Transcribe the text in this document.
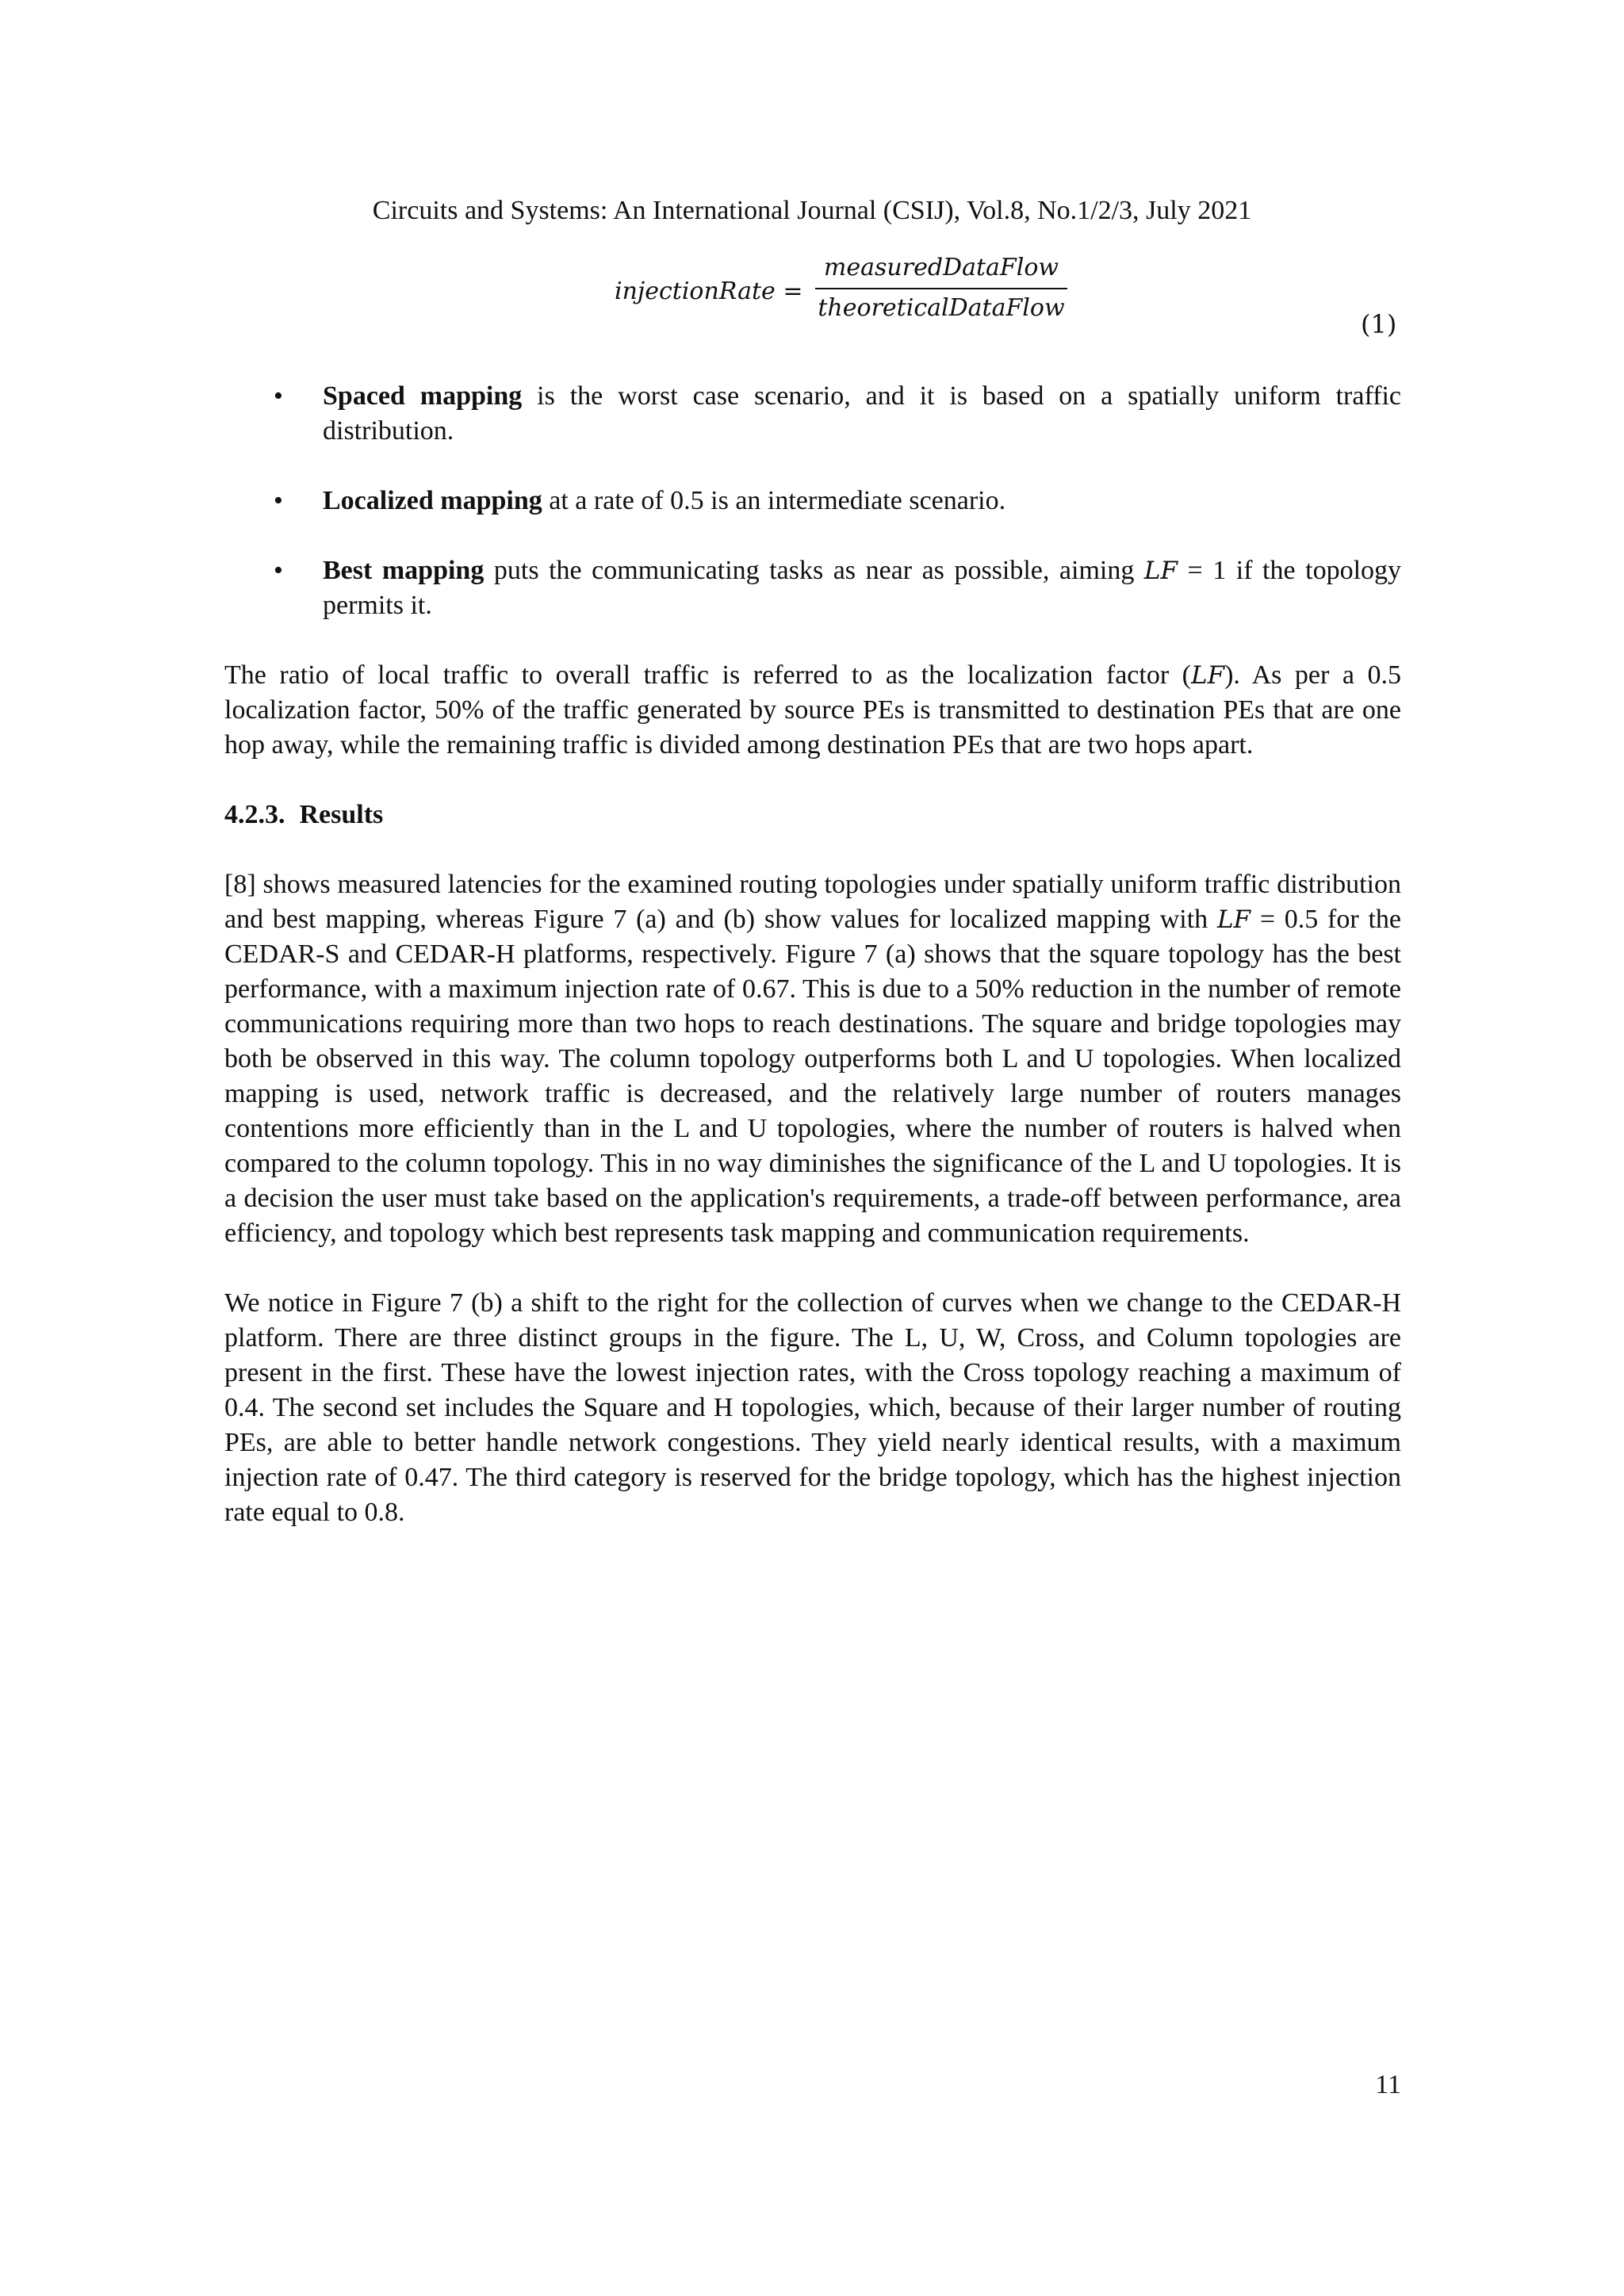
Circuits and Systems: An International Journal (CSIJ), Vol.8, No.1/2/3, July 2021
injectionRate =
measuredDataFlow
theoreticalDataFlow
(1)
• Spaced mapping is the worst case scenario, and it is based on a spatially uniform traffic distribution.
• Localized mapping at a rate of 0.5 is an intermediate scenario.
• Best mapping puts the communicating tasks as near as possible, aiming LF = 1 if the topology permits it.

The ratio of local traffic to overall traffic is referred to as the localization factor (LF). As per a 0.5 localization factor, 50% of the traffic generated by source PEs is transmitted to destination PEs that are one hop away, while the remaining traffic is divided among destination PEs that are two hops apart.

4.2.3. Results

[8] shows measured latencies for the examined routing topologies under spatially uniform traffic distribution and best mapping, whereas Figure 7 (a) and (b) show values for localized mapping with LF = 0.5 for the CEDAR-S and CEDAR-H platforms, respectively. Figure 7 (a) shows that the square topology has the best performance, with a maximum injection rate of 0.67. This is due to a 50% reduction in the number of remote communications requiring more than two hops to reach destinations. The square and bridge topologies may both be observed in this way. The column topology outperforms both L and U topologies. When localized mapping is used, network traffic is decreased, and the relatively large number of routers manages contentions more efficiently than in the L and U topologies, where the number of routers is halved when compared to the column topology. This in no way diminishes the significance of the L and U topologies. It is a decision the user must take based on the application's requirements, a trade-off between performance, area efficiency, and topology which best represents task mapping and communication requirements.

We notice in Figure 7 (b) a shift to the right for the collection of curves when we change to the CEDAR-H platform. There are three distinct groups in the figure. The L, U, W, Cross, and Column topologies are present in the first. These have the lowest injection rates, with the Cross topology reaching a maximum of 0.4. The second set includes the Square and H topologies, which, because of their larger number of routing PEs, are able to better handle network congestions. They yield nearly identical results, with a maximum injection rate of 0.47. The third category is reserved for the bridge topology, which has the highest injection rate equal to 0.8.

11
